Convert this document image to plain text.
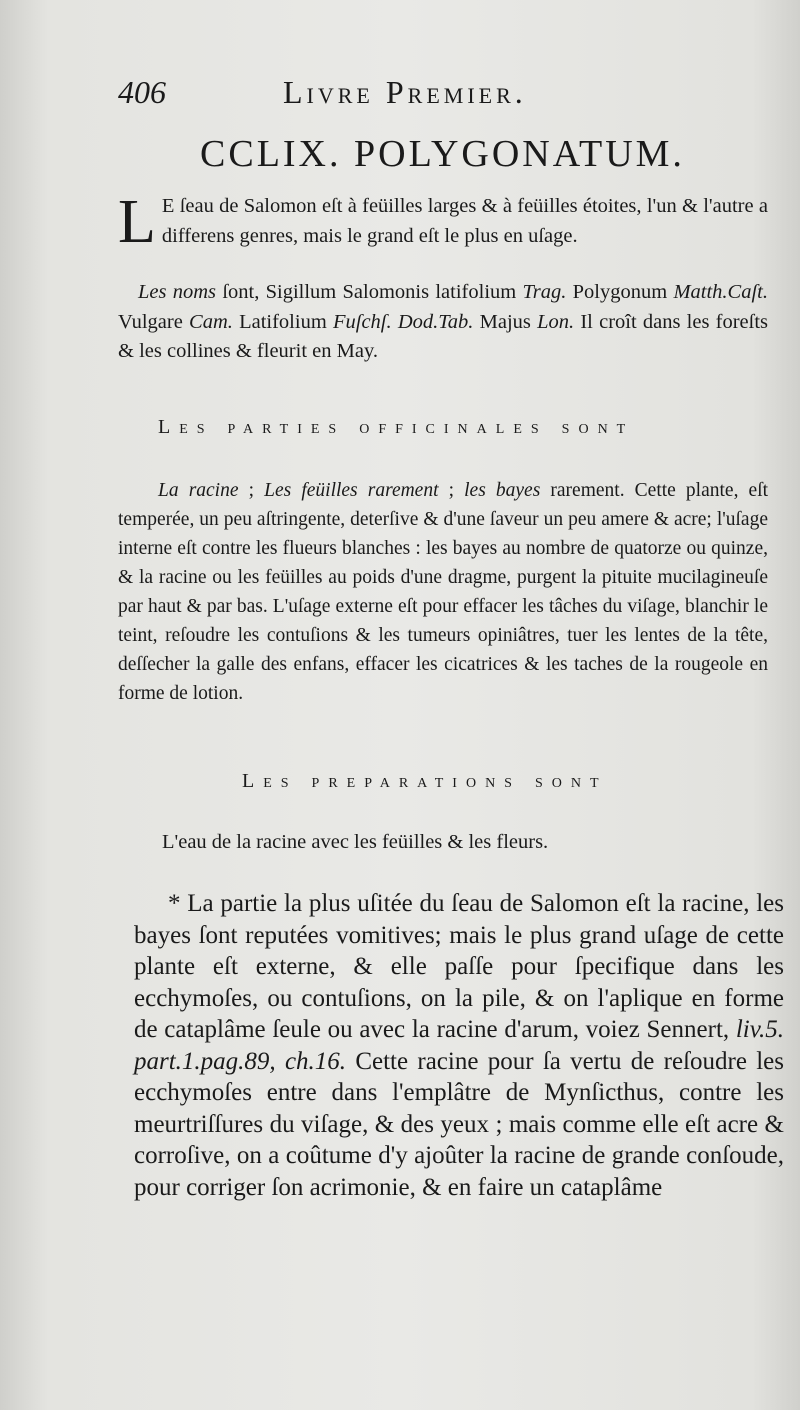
406	Livre Premier.
CCLIX. POLYGONATUM.

L E ſeau de Salomon eſt à feüilles larges & à feüilles étoites, l'un & l'autre a differens genres, mais le grand eſt le plus en uſage.

Les noms ſont, Sigillum Salomonis latifolium Trag. Polygonum Matth.Caſt. Vulgare Cam. Latifolium Fuſchſ. Dod.Tab. Majus Lon. Il croît dans les foreſts & les collines & fleurit en May.

Les parties officinales sont

La racine ; Les feüilles rarement ; les bayes rarement. Cette plante, eſt temperée, un peu aſtringente, deterſive & d'une ſaveur un peu amere & acre; l'uſage interne eſt contre les flueurs blanches : les bayes au nombre de quatorze ou quinze, & la racine ou les feüilles au poids d'une dragme, purgent la pituite mucilagineuſe par haut & par bas. L'uſage externe eſt pour effacer les tâches du viſage, blanchir le teint, reſoudre les contuſions & les tumeurs opiniâtres, tuer les lentes de la tête, deſſecher la galle des enfans, effacer les cicatrices & les taches de la rougeole en forme de lotion.

Les preparations sont

L'eau de la racine avec les feüilles & les fleurs.

* La partie la plus uſitée du ſeau de Salomon eſt la racine, les bayes ſont reputées vomitives; mais le plus grand uſage de cette plante eſt externe, & elle paſſe pour ſpecifique dans les ecchymoſes, ou contuſions, on la pile, & on l'aplique en forme de cataplâme ſeule ou avec la racine d'arum, voiez Sennert, liv.5. part.1.pag.89, ch.16. Cette racine pour ſa vertu de reſoudre les ecchymoſes entre dans l'emplâtre de Mynſicthus, contre les meurtriſſures du viſage, & des yeux ; mais comme elle eſt acre & corroſive, on a coûtume d'y ajoûter la racine de grande conſoude, pour corriger ſon acrimonie, & en faire un cataplâme
